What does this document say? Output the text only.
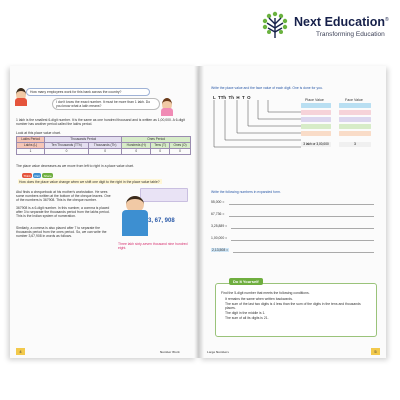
Next Education®
Transforming Education
How many employees work for this bank across the country?
I don't know the exact number. It must be more than 1 lakh. Do you know what a lakh means?
1 lakh is the smallest 6-digit number. It is the same as one hundred thousand and is written as 1,00,000. A 6-digit number has another period called the lakhs period.
Look at this place value chart.
Lakhs Period	Thousands Period		Ones Period		
Lakhs (L)	Ten Thousands (TTh)	Thousands (Th)	Hundreds (H)	Tens (T)	Ones (O)
1	0	0	0	0	0
The place value decreases as we move from left to right in a place value chart.
Think	Pair	Share
How does the place value change when we shift one digit to the right in the place value table?
Atul finds a chequebook at his mother's workstation. He sees some numbers written at the bottom of the cheque leaves. One of the numbers is 367908. This is the cheque number.
367908 is a 6-digit number. In this number, a comma is placed after 3 to separate the thousands period from the lakhs period. This is the Indian system of numeration.
Similarly, a comma is also placed after 7 to separate the thousands period from the ones period. So, we can write the number 3,67,908 in words as follows.
3, 67, 908
Three lakh sixty-seven thousand nine hundred eight.
4	Number Work
Write the place value and the face value of each digit. One is done for you.
L  TTh  Th  H  T  O	Place Value	Face Value
3 lakh or 3,00,000	3
Write the following numbers in expanded form.
55,000 =
67,736 =
3,25,889 =
1,00,000 =
2,13,508 =
Find the 5-digit number that meets the following conditions.
It remains the same when written backwards.
The sum of the last two digits is 4 less than the sum of the digits in the tens and thousands places.
The digit in the middle is 1.
The sum of all its digits is 21.
Do It Yourself
5
Large Numbers
